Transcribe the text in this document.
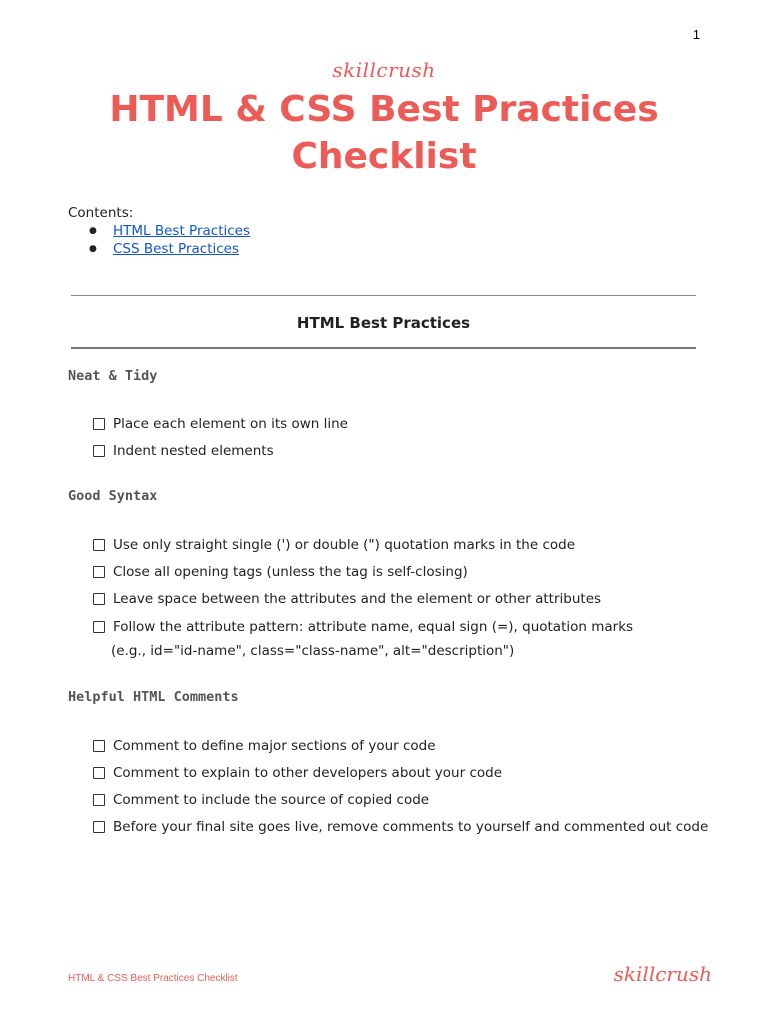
1
skillcrush
HTML & CSS Best Practices
Checklist
Contents:
● HTML Best Practices
● CSS Best Practices
HTML Best Practices
Neat & Tidy
Place each element on its own line
Indent nested elements
Good Syntax
Use only straight single (') or double (") quotation marks in the code
Close all opening tags (unless the tag is self-closing)
Leave space between the attributes and the element or other attributes
Follow the attribute pattern: attribute name, equal sign (=), quotation marks
(e.g., id="id-name", class="class-name", alt="description")
Helpful HTML Comments
Comment to define major sections of your code
Comment to explain to other developers about your code
Comment to include the source of copied code
Before your final site goes live, remove comments to yourself and commented out code
HTML & CSS Best Practices Checklist	skillcrush
